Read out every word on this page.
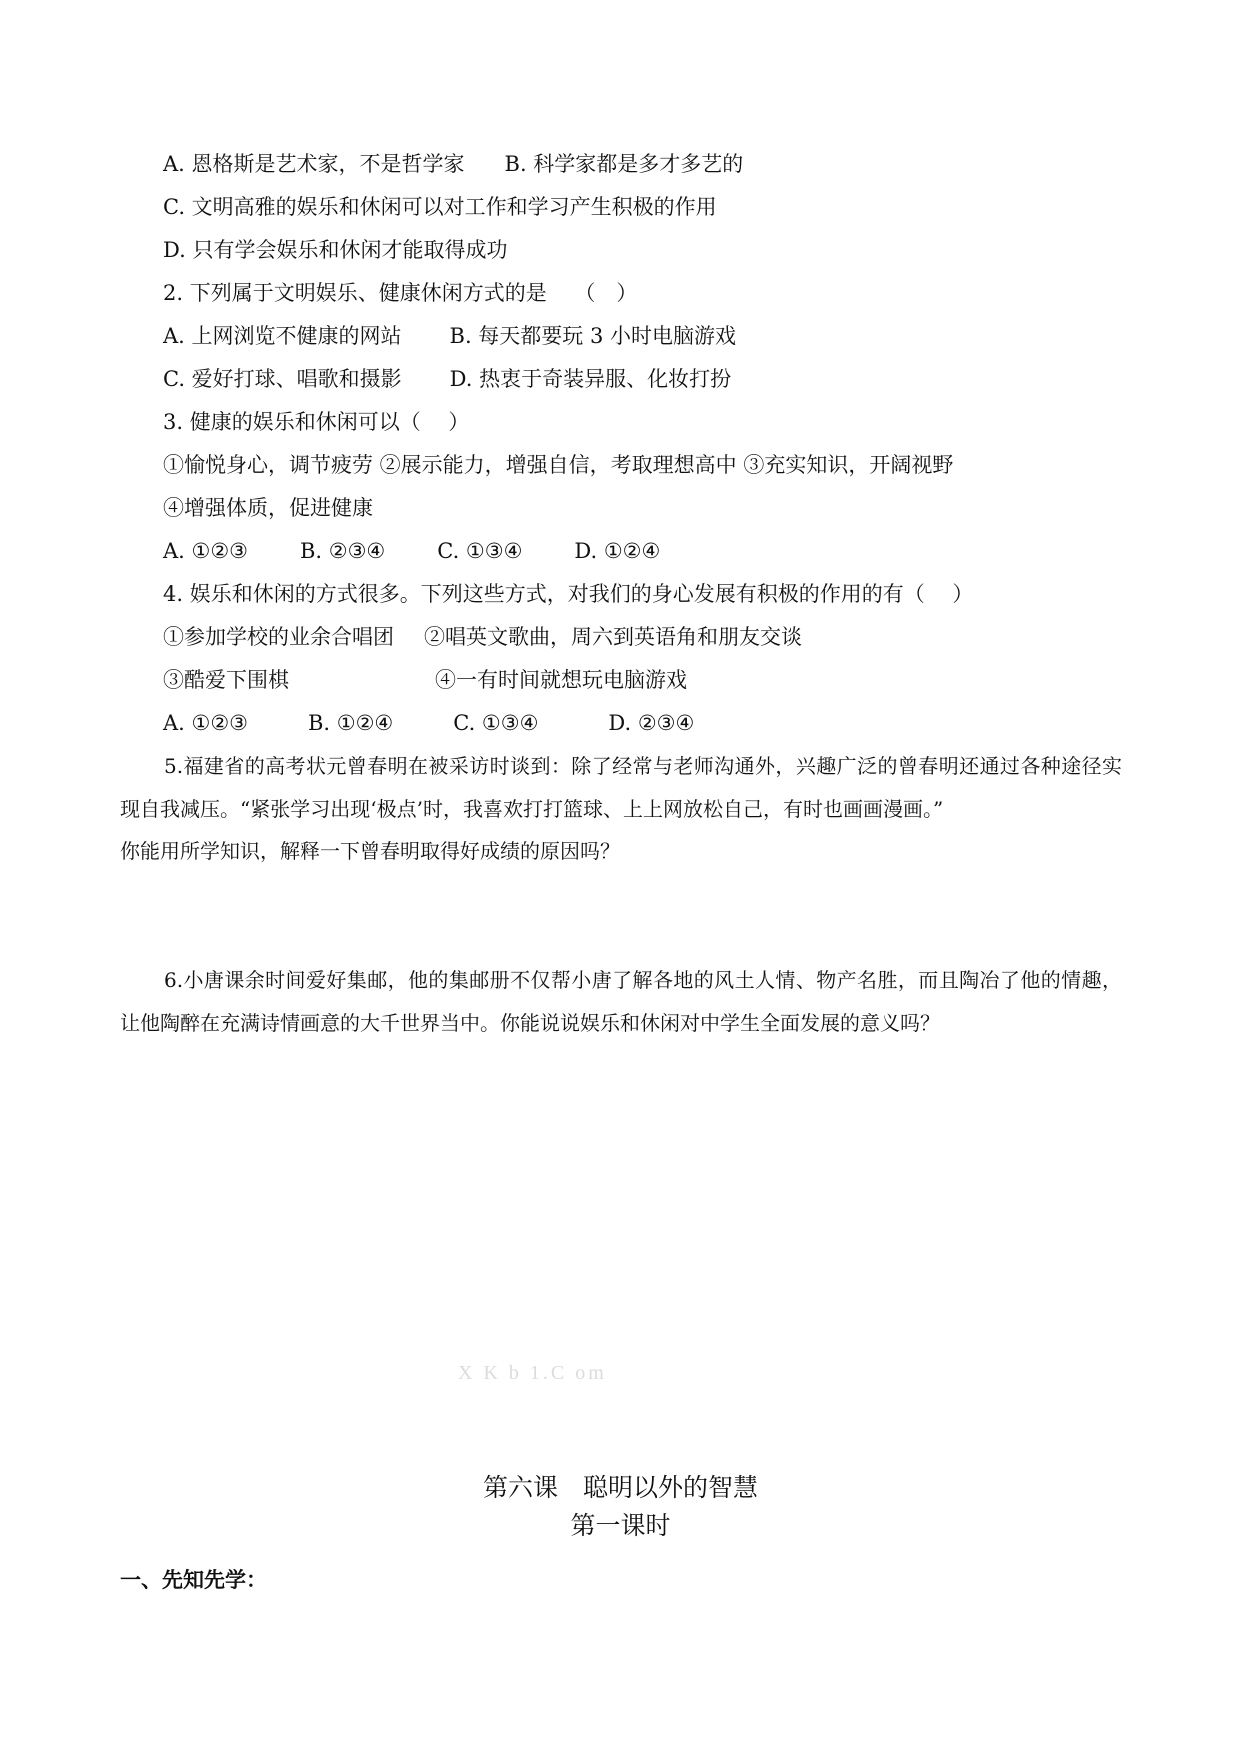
A. 恩格斯是艺术家，不是哲学家 B. 科学家都是多才多艺的
C. 文明高雅的娱乐和休闲可以对工作和学习产生积极的作用
D. 只有学会娱乐和休闲才能取得成功
2. 下列属于文明娱乐、健康休闲方式的是　 （　）
A. 上网浏览不健康的网站 B. 每天都要玩 3 小时电脑游戏
C. 爱好打球、唱歌和摄影 D. 热衷于奇装异服、化妆打扮
3. 健康的娱乐和休闲可以（　 ）
①愉悦身心，调节疲劳 ②展示能力，增强自信，考取理想高中 ③充实知识，开阔视野
④增强体质，促进健康
A. ①②③ B. ②③④ C. ①③④ D. ①②④
4. 娱乐和休闲的方式很多。下列这些方式，对我们的身心发展有积极的作用的有（　 ）
①参加学校的业余合唱团 ②唱英文歌曲，周六到英语角和朋友交谈
③酷爱下围棋	④一有时间就想玩电脑游戏
A. ①②③	B. ①②④	C. ①③④	D. ②③④
5.福建省的高考状元曾春明在被采访时谈到：除了经常与老师沟通外，兴趣广泛的曾春明还通过各种途径实现自我减压。“紧张学习出现‘极点’时，我喜欢打打篮球、上上网放松自己，有时也画画漫画。”
你能用所学知识，解释一下曾春明取得好成绩的原因吗？
6.小唐课余时间爱好集邮，他的集邮册不仅帮小唐了解各地的风土人情、物产名胜，而且陶冶了他的情趣，让他陶醉在充满诗情画意的大千世界当中。你能说说娱乐和休闲对中学生全面发展的意义吗？
X K b 1.C om
第六课　聪明以外的智慧
第一课时
一、先知先学：
